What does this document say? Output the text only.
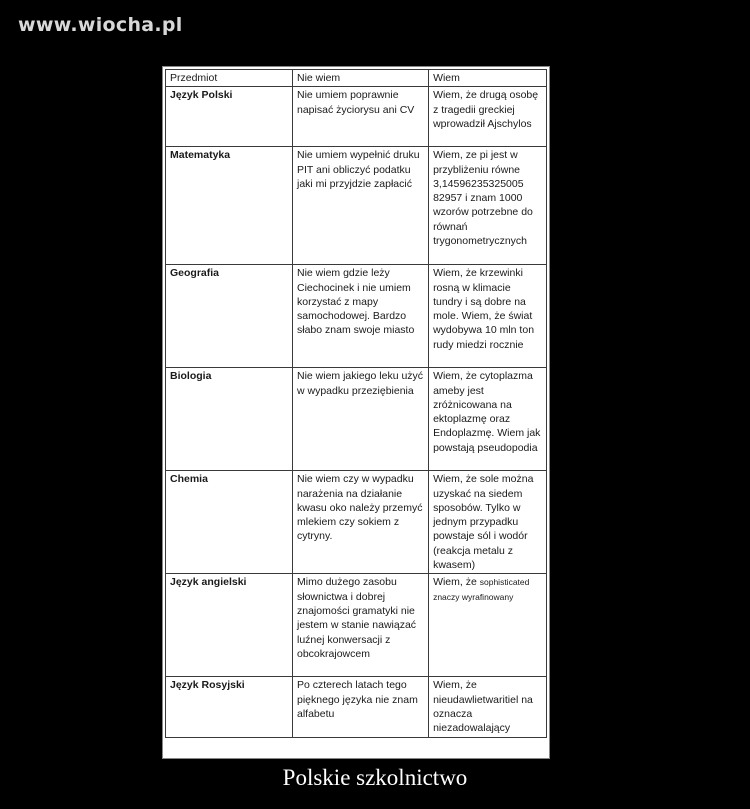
www.wiocha.pl
Przedmiot	Nie wiem	Wiem
Język Polski	Nie umiem poprawnie napisać życiorysu ani CV	Wiem, że drugą osobę z tragedii greckiej wprowadził Ajschylos
Matematyka	Nie umiem wypełnić druku PIT ani obliczyć podatku jaki mi przyjdzie zapłacić	Wiem, ze pi jest w przybliżeniu równe 3,14596235325005 82957 i znam 1000 wzorów potrzebne do równań trygonometrycznych
Geografia	Nie wiem gdzie leży Ciechocinek i nie umiem korzystać z mapy samochodowej. Bardzo słabo znam swoje miasto	Wiem, że krzewinki rosną w klimacie tundry i są dobre na mole. Wiem, że świat wydobywa 10 mln ton rudy miedzi rocznie
Biologia	Nie wiem jakiego leku użyć w wypadku przeziębienia	Wiem, że cytoplazma ameby jest zróżnicowana na ektoplazmę oraz Endoplazmę. Wiem jak powstają pseudopodia
Chemia	Nie wiem czy w wypadku narażenia na działanie kwasu oko należy przemyć mlekiem czy sokiem z cytryny.	Wiem, że sole można uzyskać na siedem sposobów. Tylko w jednym przypadku powstaje sól i wodór (reakcja metalu z kwasem)
Język angielski	Mimo dużego zasobu słownictwa i dobrej znajomości gramatyki nie jestem w stanie nawiązać luźnej konwersacji z obcokrajowcem	Wiem, że sophisticated znaczy wyrafinowany
Język Rosyjski	Po czterech latach tego pięknego języka nie znam alfabetu	Wiem, że nieudawlietwaritiel na oznacza niezadowalający
Polskie szkolnictwo
